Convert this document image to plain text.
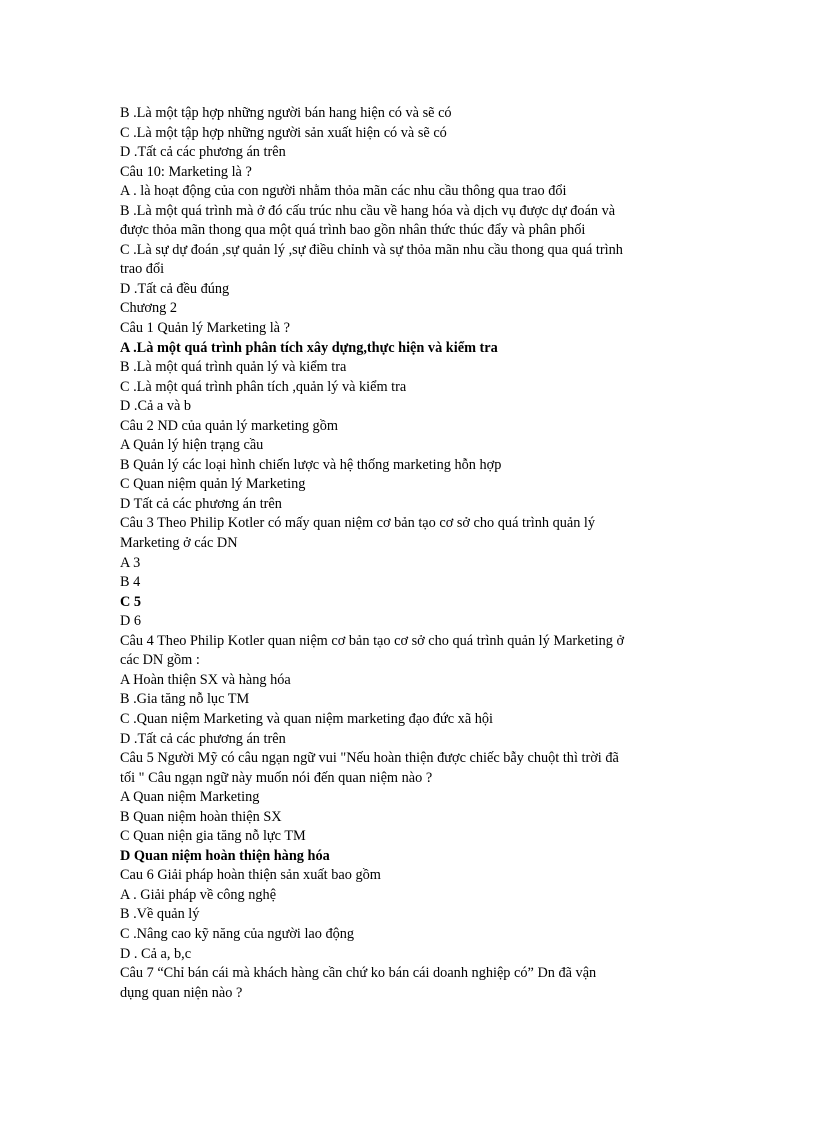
B .Là một tập hợp những người bán hang hiện có và sẽ có
C .Là một tập hợp những người sản xuất hiện có và sẽ có
D .Tất cả các phương án trên
Câu 10: Marketing là ?
A . là hoạt động của con người nhằm thỏa mãn các nhu cầu thông qua trao đổi
B .Là một quá trình mà ở đó cấu trúc nhu cầu về hang hóa và dịch vụ được dự đoán và
được thỏa mãn thong qua một quá trình bao gồn nhân thức thúc đẩy và phân phối
C .Là sự dự đoán ,sự quản lý ,sự điều chỉnh và sự thỏa mãn nhu cầu thong qua quá trình
trao đổi
D .Tất cả đều đúng
Chương 2
Câu 1 Quản lý Marketing là ?
A .Là một quá trình phân tích xây dựng,thực hiện và kiểm tra
B .Là một quá trình quản lý và kiểm tra
C .Là một quá trình phân tích ,quản lý và kiểm tra
D .Cả a và b
Câu 2 ND của quản lý marketing gồm
A Quản lý hiện trạng cầu
B Quản lý các loại hình chiến lược và hệ thống marketing hỗn hợp
C Quan niệm quản lý Marketing
D Tất cả các phương án trên
Câu 3 Theo Philip Kotler có mấy quan niệm cơ bản tạo cơ sở cho quá trình quản lý
Marketing ở các DN
A 3
B 4
C 5
D 6
Câu 4 Theo Philip Kotler quan niệm cơ bản tạo cơ sở cho quá trình quản lý Marketing ở
các DN gồm :
A Hoàn thiện SX và hàng hóa
B .Gia tăng nỗ lục TM
C .Quan niệm Marketing và quan niệm marketing đạo đức xã hội
D .Tất cả các phương án trên
Câu 5 Người Mỹ có câu ngạn ngữ vui "Nếu hoàn thiện được chiếc bẫy chuột thì trời đã
tối " Câu ngạn ngữ này muốn nói đến quan niệm nào ?
A Quan niệm Marketing
B Quan niệm hoàn thiện SX
C Quan niện gia tăng nỗ lực TM
D Quan niệm hoàn thiện hàng hóa
Cau 6 Giải pháp hoàn thiện sản xuất bao gồm
A . Giải pháp về công nghệ
B .Về quản lý
C .Nâng cao kỹ năng của người lao động
D . Cả a, b,c
Câu 7 “Chỉ bán cái mà khách hàng cần chứ ko bán cái doanh nghiệp có” Dn đã vận
dụng quan niện nào ?
